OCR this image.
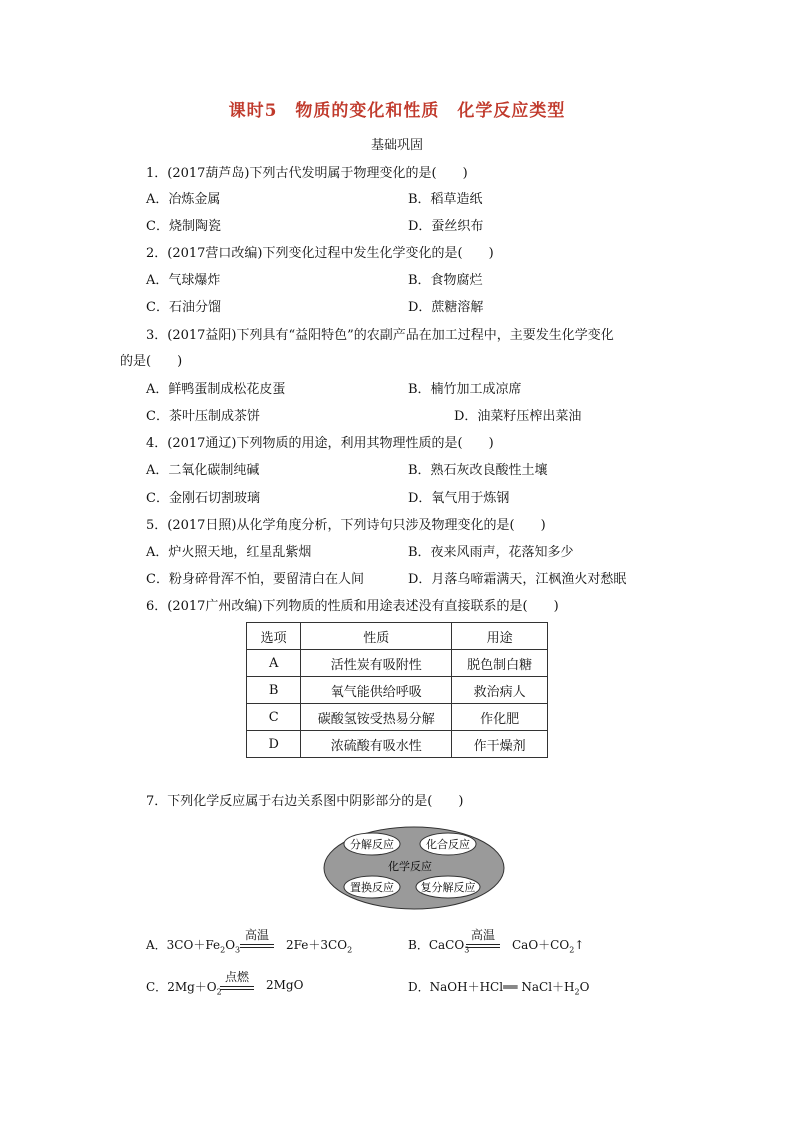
课时5　物质的变化和性质　化学反应类型
基础巩固
1．(2017葫芦岛)下列古代发明属于物理变化的是(　　)
A．冶炼金属	B．稻草造纸
C．烧制陶瓷	D．蚕丝织布
2．(2017营口改编)下列变化过程中发生化学变化的是(　　)
A．气球爆炸	B．食物腐烂
C．石油分馏	D．蔗糖溶解
3．(2017益阳)下列具有“益阳特色”的农副产品在加工过程中，主要发生化学变化
的是(　　)
A．鲜鸭蛋制成松花皮蛋	B．楠竹加工成凉席
C．茶叶压制成茶饼	D．油菜籽压榨出菜油
4．(2017通辽)下列物质的用途，利用其物理性质的是(　　)
A．二氧化碳制纯碱	B．熟石灰改良酸性土壤
C．金刚石切割玻璃	D．氧气用于炼钢
5．(2017日照)从化学角度分析，下列诗句只涉及物理变化的是(　　)
A．炉火照天地，红星乱紫烟	B．夜来风雨声，花落知多少
C．粉身碎骨浑不怕，要留清白在人间	D．月落乌啼霜满天，江枫渔火对愁眠
6．(2017广州改编)下列物质的性质和用途表述没有直接联系的是(　　)
选项	性质	用途
A	活性炭有吸附性	脱色制白糖
B	氧气能供给呼吸	救治病人
C	碳酸氢铵受热易分解	作化肥
D	浓硫酸有吸水性	作干燥剂
7．下列化学反应属于右边关系图中阴影部分的是(　　)
分解反应	化合反应
化学反应
置换反应 复分解反应
A．$3CO+Fe_2O_3$
高温
$2Fe+3CO_2$	B．CaCO$_3$
高温
$CaO+CO_2↑$
C．$2Mg+O_2$
点燃
2MgO	D．NaOH＋HCl══ $NaCl+H_2O$
